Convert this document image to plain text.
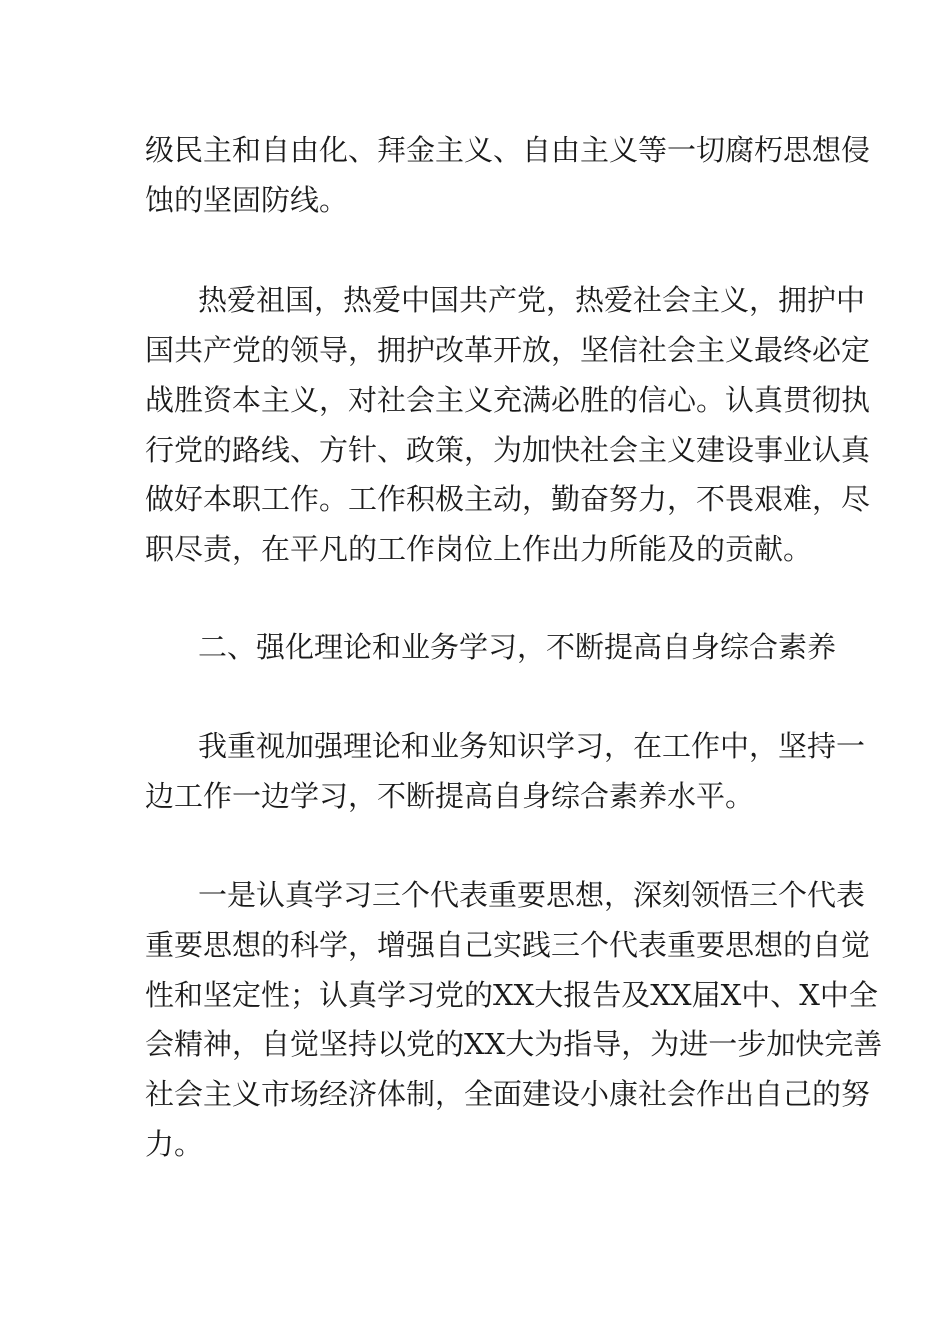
级民主和自由化、拜金主义、自由主义等一切腐朽思想侵
蚀的坚固防线。
热爱祖国，热爱中国共产党，热爱社会主义，拥护中
国共产党的领导，拥护改革开放，坚信社会主义最终必定
战胜资本主义，对社会主义充满必胜的信心。认真贯彻执
行党的路线、方针、政策，为加快社会主义建设事业认真
做好本职工作。工作积极主动，勤奋努力，不畏艰难，尽
职尽责，在平凡的工作岗位上作出力所能及的贡献。
二、强化理论和业务学习，不断提高自身综合素养
我重视加强理论和业务知识学习，在工作中，坚持一
边工作一边学习，不断提高自身综合素养水平。
一是认真学习三个代表重要思想，深刻领悟三个代表
重要思想的科学，增强自己实践三个代表重要思想的自觉
性和坚定性；认真学习党的XX大报告及XX届X中、X中全
会精神，自觉坚持以党的XX大为指导，为进一步加快完善
社会主义市场经济体制，全面建设小康社会作出自己的努
力。
